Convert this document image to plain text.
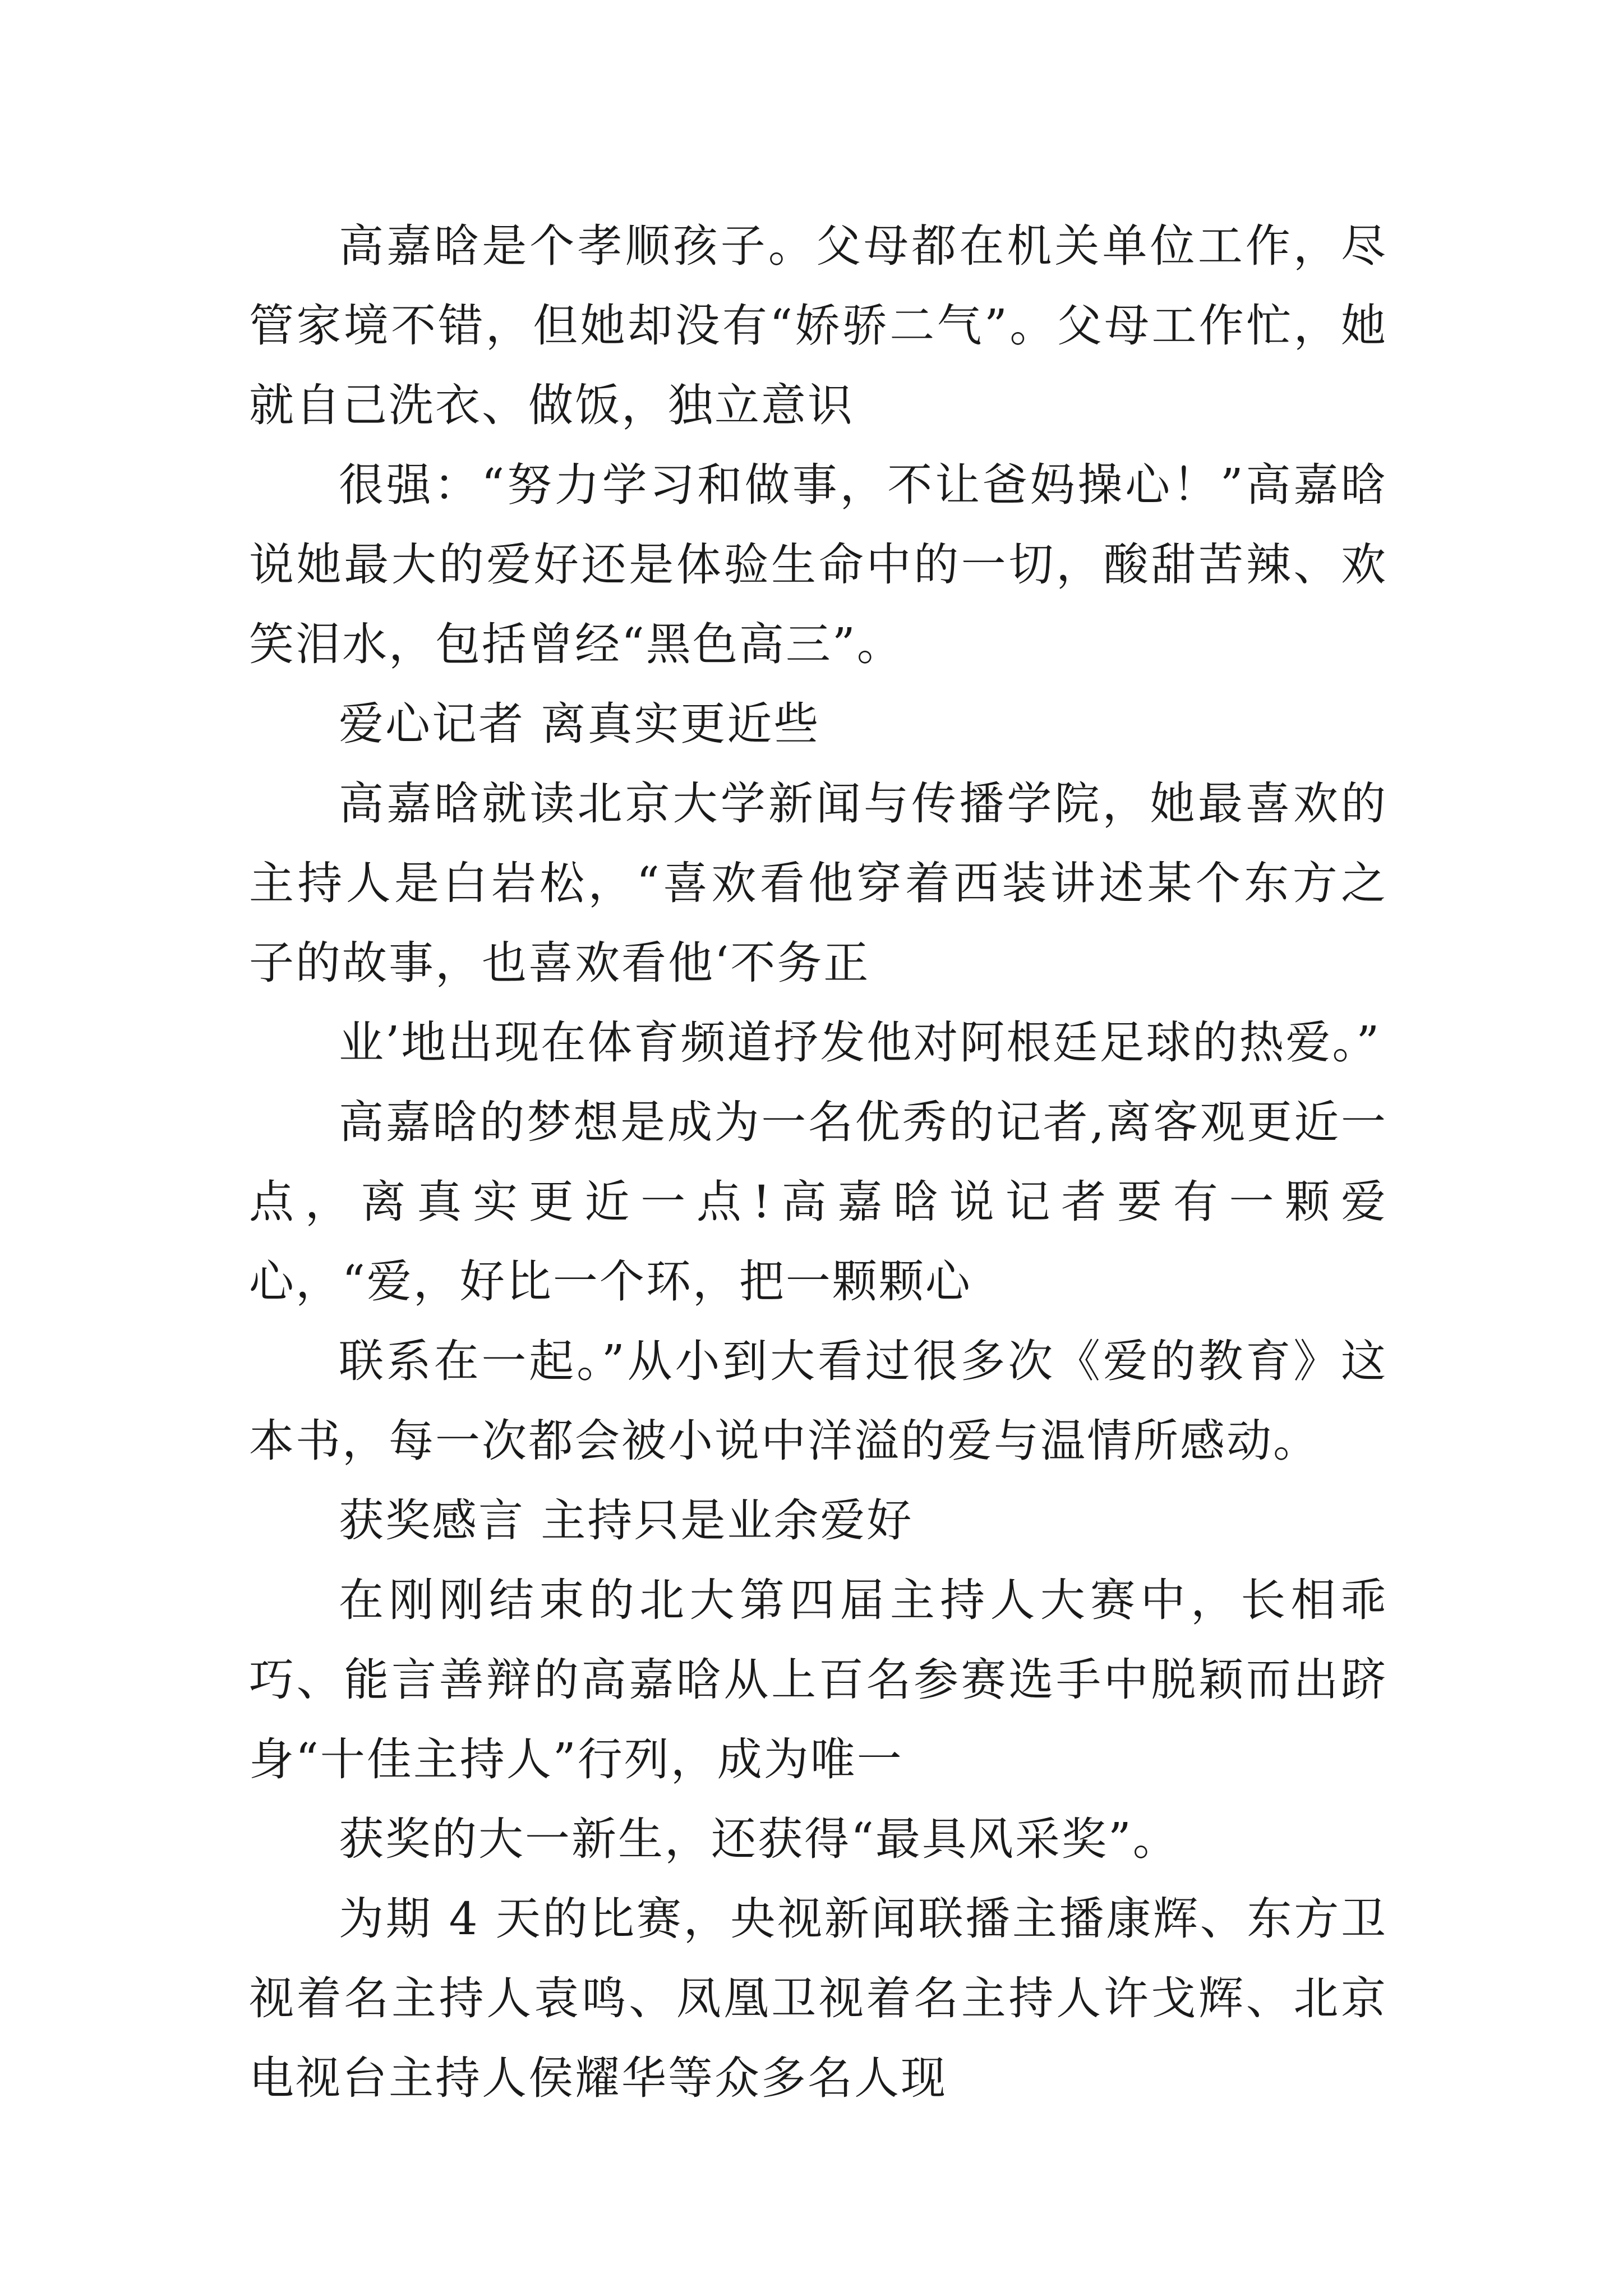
高嘉晗是个孝顺孩子。父母都在机关单位工作，尽管家境不错，但她却没有“娇骄二气”。父母工作忙，她就自己洗衣、做饭，独立意识

很强：“努力学习和做事，不让爸妈操心！”高嘉晗说她最大的爱好还是体验生命中的一切，酸甜苦辣、欢笑泪水，包括曾经“黑色高三”。

爱心记者 离真实更近些

高嘉晗就读北京大学新闻与传播学院，她最喜欢的主持人是白岩松，“喜欢看他穿着西装讲述某个东方之子的故事，也喜欢看他‘不务正

业’地出现在体育频道抒发他对阿根廷足球的热爱。”

高嘉晗的梦想是成为一名优秀的记者,离客观更近一点，离真实更近一点!高嘉晗说记者要有一颗爱心，“爱，好比一个环，把一颗颗心

联系在一起。”从小到大看过很多次《爱的教育》这本书，每一次都会被小说中洋溢的爱与温情所感动。

获奖感言 主持只是业余爱好

在刚刚结束的北大第四届主持人大赛中，长相乖巧、能言善辩的高嘉晗从上百名参赛选手中脱颖而出跻身“十佳主持人”行列，成为唯一

获奖的大一新生，还获得“最具风采奖”。

为期 4 天的比赛，央视新闻联播主播康辉、东方卫视着名主持人袁鸣、凤凰卫视着名主持人许戈辉、北京电视台主持人侯耀华等众多名人现
